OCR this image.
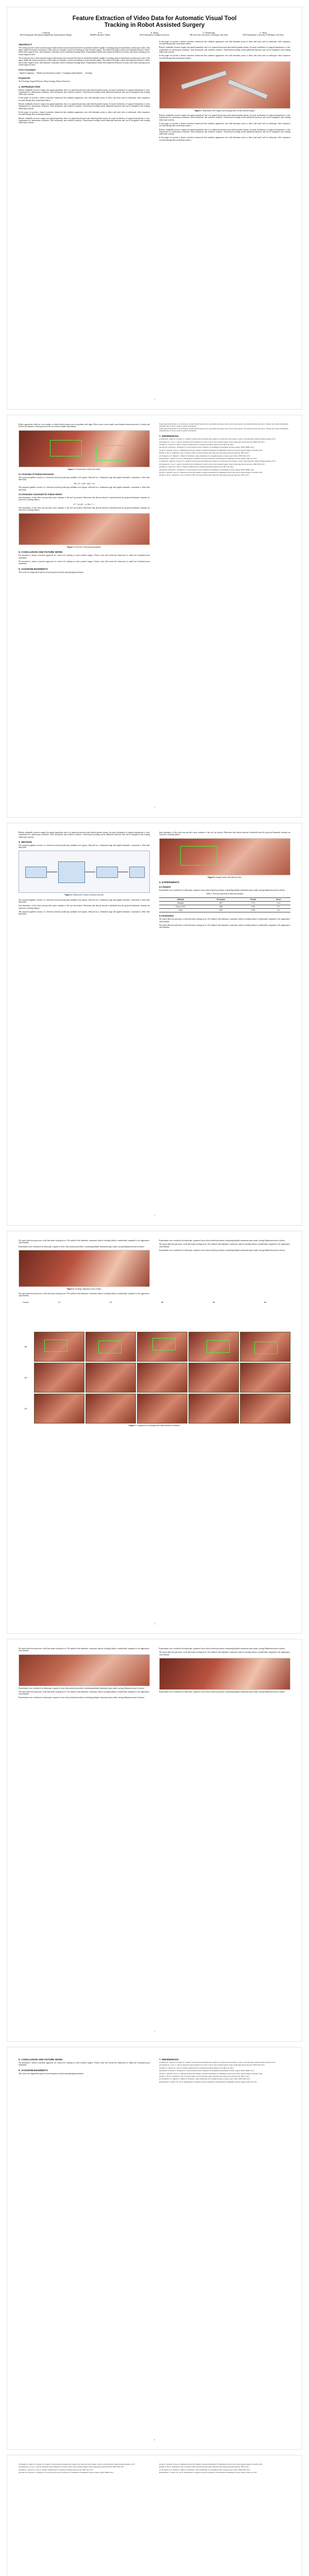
Feature Extraction of Video Data for Automatic Visual Tool
Tracking in Robot Assisted Surgery
J. Huang
EECS Department, Mechanical Engineering, Turing Institute, Beijing
F. Li
MedBE University, Wuhan
Z. Wang
EECS Department, Tsinghua University
T. Alsalmiala
ME University, University of Michigan, Ann Arbor
L. Yang
EECS Department, University of Michigan, Ann Arbor
ABSTRACT

The steady growth of robot-assisted surgical interventions has increased the need for automated methods capable of tracking surgical instruments in endoscopic video. This paper studies the feature extraction of video data for automatic visual tool tracking in robot assisted surgery. The method leverages a deep convolutional network to detect and localize surgical tools, with kinematic constraints used to eliminate tracking failure. Experimental results show improved detection accuracy and robust tracking across varied surgical scenes.

The steady growth of robot-assisted surgical interventions has increased the need for automated methods capable of tracking surgical instruments in endoscopic video. This paper studies the feature extraction of video data for automatic visual tool tracking in robot assisted surgery. The method leverages a deep convolutional network to detect and localize surgical tools, with kinematic constraints used to eliminate tracking failure. Experimental results show improved detection accuracy and robust tracking across varied surgical scenes.

CCS Concepts

• Applied computing → Health care information systems; • Computing methodologies → Tracking;

Keywords

Tool Tracking; Surgical Robotics; Deep Learning; Feature Extraction

1. INTRODUCTION

Robotic minimally invasive surgery has gained popularity due to its improved precision and reduced patient trauma. Accurate localization of surgical instruments is a key requirement for autonomous assistance, skill assessment, and workflow analysis. Vision-based tracking avoids additional hardware and can be integrated with existing endoscopic systems.

In this paper we present a feature extraction framework that combines appearance cues with kinematic priors to detect and track tools in endoscopic video sequences recorded during robot assisted procedures.

Robotic minimally invasive surgery has gained popularity due to its improved precision and reduced patient trauma. Accurate localization of surgical instruments is a key requirement for autonomous assistance, skill assessment, and workflow analysis. Vision-based tracking avoids additional hardware and can be integrated with existing endoscopic systems.

In this paper we present a feature extraction framework that combines appearance cues with kinematic priors to detect and track tools in endoscopic video sequences recorded during robot assisted procedures.

Robotic minimally invasive surgery has gained popularity due to its improved precision and reduced patient trauma. Accurate localization of surgical instruments is a key requirement for autonomous assistance, skill assessment, and workflow analysis. Vision-based tracking avoids additional hardware and can be integrated with existing endoscopic systems.

In this paper we present a feature extraction framework that combines appearance cues with kinematic priors to detect and track tools in endoscopic video sequences recorded during robot assisted procedures.

Robotic minimally invasive surgery has gained popularity due to its improved precision and reduced patient trauma. Accurate localization of surgical instruments is a key requirement for autonomous assistance, skill assessment, and workflow analysis. Vision-based tracking avoids additional hardware and can be integrated with existing endoscopic systems.

In this paper we present a feature extraction framework that combines appearance cues with kinematic priors to detect and track tools in endoscopic video sequences recorded during robot assisted procedures.

Figure 1. Illustration of the surgical tool tracking scene in robot assisted surgery.

Robotic minimally invasive surgery has gained popularity due to its improved precision and reduced patient trauma. Accurate localization of surgical instruments is a key requirement for autonomous assistance, skill assessment, and workflow analysis. Vision-based tracking avoids additional hardware and can be integrated with existing endoscopic systems.

In this paper we present a feature extraction framework that combines appearance cues with kinematic priors to detect and track tools in endoscopic video sequences recorded during robot assisted procedures.

Robotic minimally invasive surgery has gained popularity due to its improved precision and reduced patient trauma. Accurate localization of surgical instruments is a key requirement for autonomous assistance, skill assessment, and workflow analysis. Vision-based tracking avoids additional hardware and can be integrated with existing endoscopic systems.

In this paper we present a feature extraction framework that combines appearance cues with kinematic priors to detect and track tools in endoscopic video sequences recorded during robot assisted procedures.

1

Earlier approaches relied on color markers or hand-crafted features such as gradients and edges. More recent works exploit convolutional neural networks to classify and localize instruments, achieving state of the art results on public benchmarks.

Figure 2. Visualization of detection results.
3.1 Overview of Feature Extraction

The proposed pipeline consists of a detection network producing candidate tool regions, followed by a refinement stage that applies kinematic constraints to filter false detections.

P(x | I) = σ(W · φ(I) + b)

The proposed pipeline consists of a detection network producing candidate tool regions, followed by a refinement stage that applies kinematic constraints to filter false detections.

3.2 Kinematic Constraint for Failure Detect

Joint kinematics of the robot arm provide a prior estimate of the tool tip location. Detections that deviate beyond a threshold from the projected kinematic estimate are rejected as tracking failures.

d = || p_det − p_kin || < τ

Joint kinematics of the robot arm provide a prior estimate of the tool tip location. Detections that deviate beyond a threshold from the projected kinematic estimate are rejected as tracking failures.

Figure 3. Overview of the proposed pipeline.
5. CONCLUSION AND FUTURE WORK

We presented a feature extraction approach for visual tool tracking in robot assisted surgery. Future work will extend the framework to multi-tool articulated pose estimation.

We presented a feature extraction approach for visual tool tracking in robot assisted surgery. Future work will extend the framework to multi-tool articulated pose estimation.

6. ACKNOWLEDGMENTS

This work was supported in part by research grants from the participating institutions.

Earlier approaches relied on color markers or hand-crafted features such as gradients and edges. More recent works exploit convolutional neural networks to classify and localize instruments, achieving state of the art results on public benchmarks.

Earlier approaches relied on color markers or hand-crafted features such as gradients and edges. More recent works exploit convolutional neural networks to classify and localize instruments, achieving state of the art results on public benchmarks.

7. REFERENCES

[1] Bouget D., Allan M., Stoyanov D., Jannin P. Vision-based and marker-less surgical tool detection and tracking: a review of the literature. Medical Image Analysis, 2017.

[2] Sarikaya D., Corso J., Guru K. Detection and localization of robotic tools in robot-assisted surgery videos using deep neural networks. IEEE TMI, 2017.

[3] Reiter A., Allen P. K., Zhao T. Feature classification for tracking articulated surgical tools. MICCAI, 2012.

[4] Allan M., Ourselin S., Thompson S. Toward detection and localization of instruments in minimally invasive surgery. IEEE TBME, 2013.

[5] Du X., Allan M., Dore A. Combined 2D and 3D tracking of surgical instruments for minimally invasive and robotic-assisted surgery. IJCARS, 2016.

[6] Ren S., He K., Girshick R., Sun J. Faster R-CNN: towards real-time object detection with region proposal networks. NIPS, 2015.

[7] Twinanda A. P., Shehata S., Mutter D. EndoNet: a deep architecture for recognition tasks on laparoscopic videos. IEEE TMI, 2017.

[8] Kurmann T., Neila P. M., Du X. Simultaneous recognition and pose estimation of instruments in minimally invasive surgery. MICCAI, 2017.

[1] Bouget D., Allan M., Stoyanov D., Jannin P. Vision-based and marker-less surgical tool detection and tracking: a review of the literature. Medical Image Analysis, 2017.

[2] Sarikaya D., Corso J., Guru K. Detection and localization of robotic tools in robot-assisted surgery videos using deep neural networks. IEEE TMI, 2017.

[3] Reiter A., Allen P. K., Zhao T. Feature classification for tracking articulated surgical tools. MICCAI, 2012.

[4] Allan M., Ourselin S., Thompson S. Toward detection and localization of instruments in minimally invasive surgery. IEEE TBME, 2013.

[5] Du X., Allan M., Dore A. Combined 2D and 3D tracking of surgical instruments for minimally invasive and robotic-assisted surgery. IJCARS, 2016.

[6] Ren S., He K., Girshick R., Sun J. Faster R-CNN: towards real-time object detection with region proposal networks. NIPS, 2015.

2

Robotic minimally invasive surgery has gained popularity due to its improved precision and reduced patient trauma. Accurate localization of surgical instruments is a key requirement for autonomous assistance, skill assessment, and workflow analysis. Vision-based tracking avoids additional hardware and can be integrated with existing endoscopic systems.

3. METHOD

The proposed pipeline consists of a detection network producing candidate tool regions, followed by a refinement stage that applies kinematic constraints to filter false detections.

Figure 4. Framework of feature extraction network.

The proposed pipeline consists of a detection network producing candidate tool regions, followed by a refinement stage that applies kinematic constraints to filter false detections.

Joint kinematics of the robot arm provide a prior estimate of the tool tip location. Detections that deviate beyond a threshold from the projected kinematic estimate are rejected as tracking failures.

The proposed pipeline consists of a detection network producing candidate tool regions, followed by a refinement stage that applies kinematic constraints to filter false detections.

Joint kinematics of the robot arm provide a prior estimate of the tool tip location. Detections that deviate beyond a threshold from the projected kinematic estimate are rejected as tracking failures.

Figure 5. Sample frames with detected tools.
4. EXPERIMENTS
4.1 Dataset

Experiments were conducted on endoscopic sequences from robot assisted procedures containing multiple instrument types under varying illumination and occlusion.

Table 1. Precision and recall of detection methods
Method	Precision	Recall	Error
Baseline	0.81	0.76	12.4
Ours w/o KC	0.88	0.84	8.7
Ours	0.93	0.90	5.2
4.2 Evaluation

We report detection precision, recall and mean tracking error. The method with kinematic constraints reduces tracking failures considerably compared to the appearance-only baseline.

We report detection precision, recall and mean tracking error. The method with kinematic constraints reduces tracking failures considerably compared to the appearance-only baseline.

3

We report detection precision, recall and mean tracking error. The method with kinematic constraints reduces tracking failures considerably compared to the appearance-only baseline.

Experiments were conducted on endoscopic sequences from robot assisted procedures containing multiple instrument types under varying illumination and occlusion.

Figure 6. Tracking comparison across frames.

We report detection precision, recall and mean tracking error. The method with kinematic constraints reduces tracking failures considerably compared to the appearance-only baseline.

Experiments were conducted on endoscopic sequences from robot assisted procedures containing multiple instrument types under varying illumination and occlusion.

We report detection precision, recall and mean tracking error. The method with kinematic constraints reduces tracking failures considerably compared to the appearance-only baseline.

Experiments were conducted on endoscopic sequences from robot assisted procedures containing multiple instrument types under varying illumination and occlusion.

Frame	12	24	36	48	60
(a)
(b)
(c)
Figure 7. Comparison of tracking results under different conditions.
4

We report detection precision, recall and mean tracking error. The method with kinematic constraints reduces tracking failures considerably compared to the appearance-only baseline.

Experiments were conducted on endoscopic sequences from robot assisted procedures containing multiple instrument types under varying illumination and occlusion.

We report detection precision, recall and mean tracking error. The method with kinematic constraints reduces tracking failures considerably compared to the appearance-only baseline.

Experiments were conducted on endoscopic sequences from robot assisted procedures containing multiple instrument types under varying illumination and occlusion.

Experiments were conducted on endoscopic sequences from robot assisted procedures containing multiple instrument types under varying illumination and occlusion.

We report detection precision, recall and mean tracking error. The method with kinematic constraints reduces tracking failures considerably compared to the appearance-only baseline.

Experiments were conducted on endoscopic sequences from robot assisted procedures containing multiple instrument types under varying illumination and occlusion.

5
5. CONCLUSION AND FUTURE WORK

We presented a feature extraction approach for visual tool tracking in robot assisted surgery. Future work will extend the framework to multi-tool articulated pose estimation.

6. ACKNOWLEDGMENTS

This work was supported in part by research grants from the participating institutions.

7. REFERENCES

[1] Bouget D., Allan M., Stoyanov D., Jannin P. Vision-based and marker-less surgical tool detection and tracking: a review of the literature. Medical Image Analysis, 2017.

[2] Sarikaya D., Corso J., Guru K. Detection and localization of robotic tools in robot-assisted surgery videos using deep neural networks. IEEE TMI, 2017.

[3] Reiter A., Allen P. K., Zhao T. Feature classification for tracking articulated surgical tools. MICCAI, 2012.

[4] Allan M., Ourselin S., Thompson S. Toward detection and localization of instruments in minimally invasive surgery. IEEE TBME, 2013.

[5] Du X., Allan M., Dore A. Combined 2D and 3D tracking of surgical instruments for minimally invasive and robotic-assisted surgery. IJCARS, 2016.

[6] Ren S., He K., Girshick R., Sun J. Faster R-CNN: towards real-time object detection with region proposal networks. NIPS, 2015.

[7] Twinanda A. P., Shehata S., Mutter D. EndoNet: a deep architecture for recognition tasks on laparoscopic videos. IEEE TMI, 2017.

[8] Kurmann T., Neila P. M., Du X. Simultaneous recognition and pose estimation of instruments in minimally invasive surgery. MICCAI, 2017.

6

[1] Bouget D., Allan M., Stoyanov D., Jannin P. Vision-based and marker-less surgical tool detection and tracking: a review of the literature. Medical Image Analysis, 2017.

[2] Sarikaya D., Corso J., Guru K. Detection and localization of robotic tools in robot-assisted surgery videos using deep neural networks. IEEE TMI, 2017.

[3] Reiter A., Allen P. K., Zhao T. Feature classification for tracking articulated surgical tools. MICCAI, 2012.

[4] Allan M., Ourselin S., Thompson S. Toward detection and localization of instruments in minimally invasive surgery. IEEE TBME, 2013.

[5] Du X., Allan M., Dore A. Combined 2D and 3D tracking of surgical instruments for minimally invasive and robotic-assisted surgery. IJCARS, 2016.

[6] Ren S., He K., Girshick R., Sun J. Faster R-CNN: towards real-time object detection with region proposal networks. NIPS, 2015.

[7] Twinanda A. P., Shehata S., Mutter D. EndoNet: a deep architecture for recognition tasks on laparoscopic videos. IEEE TMI, 2017.

[8] Kurmann T., Neila P. M., Du X. Simultaneous recognition and pose estimation of instruments in minimally invasive surgery. MICCAI, 2017.
